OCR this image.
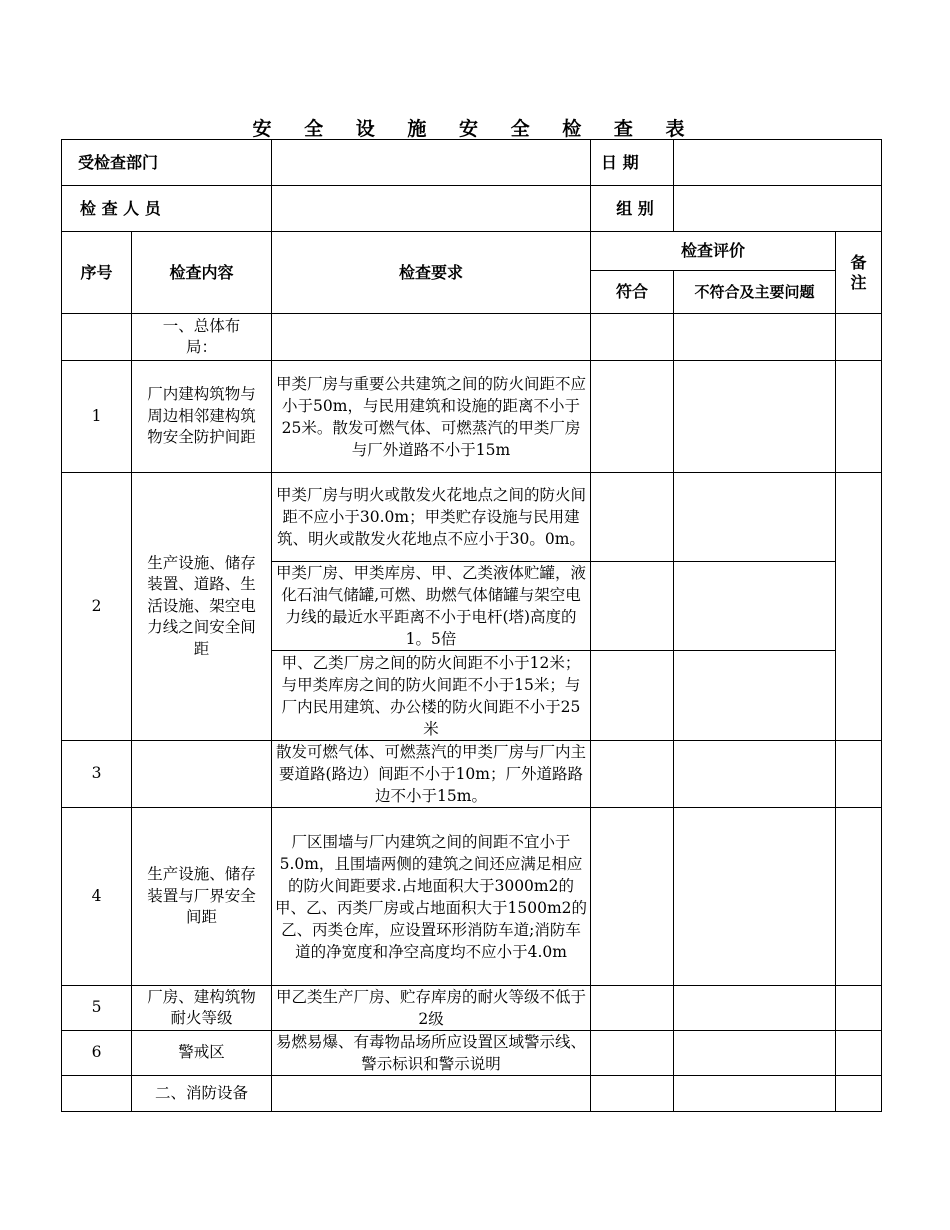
安 全 设 施 安 全 检 查 表
受检查部门			日 期		
检 查 人 员			组 别		
序号	检查内容	检查要求	检查评价		备注
			符合	不符合及主要问题	
	一、总体布局：				
1	厂内建构筑物与周边相邻建构筑物安全防护间距	甲类厂房与重要公共建筑之间的防火间距不应小于50m，与民用建筑和设施的距离不小于25米。散发可燃气体、可燃蒸汽的甲类厂房与厂外道路不小于15m			
2	生产设施、储存装置、道路、生活设施、架空电力线之间安全间距	甲类厂房与明火或散发火花地点之间的防火间距不应小于30.0m；甲类贮存设施与民用建筑、明火或散发火花地点不应小于30。0m。			
		甲类厂房、甲类库房、甲、乙类液体贮罐，液化石油气储罐,可燃、助燃气体储罐与架空电力线的最近水平距离不小于电杆(塔)高度的1。5倍			
		甲、乙类厂房之间的防火间距不小于12米；与甲类库房之间的防火间距不小于15米；与厂内民用建筑、办公楼的防火间距不小于25米			
3		散发可燃气体、可燃蒸汽的甲类厂房与厂内主要道路(路边）间距不小于10m；厂外道路路边不小于15m。			
4	生产设施、储存装置与厂界安全间距	厂区围墙与厂内建筑之间的间距不宜小于5.0m，且围墙两侧的建筑之间还应满足相应的防火间距要求.占地面积大于3000m2的甲、乙、丙类厂房或占地面积大于1500m2的乙、丙类仓库，应设置环形消防车道;消防车道的净宽度和净空高度均不应小于4.0m			
5	厂房、建构筑物耐火等级	甲乙类生产厂房、贮存库房的耐火等级不低于2级			
6	警戒区	易燃易爆、有毒物品场所应设置区域警示线、警示标识和警示说明			
	二、消防设备				
